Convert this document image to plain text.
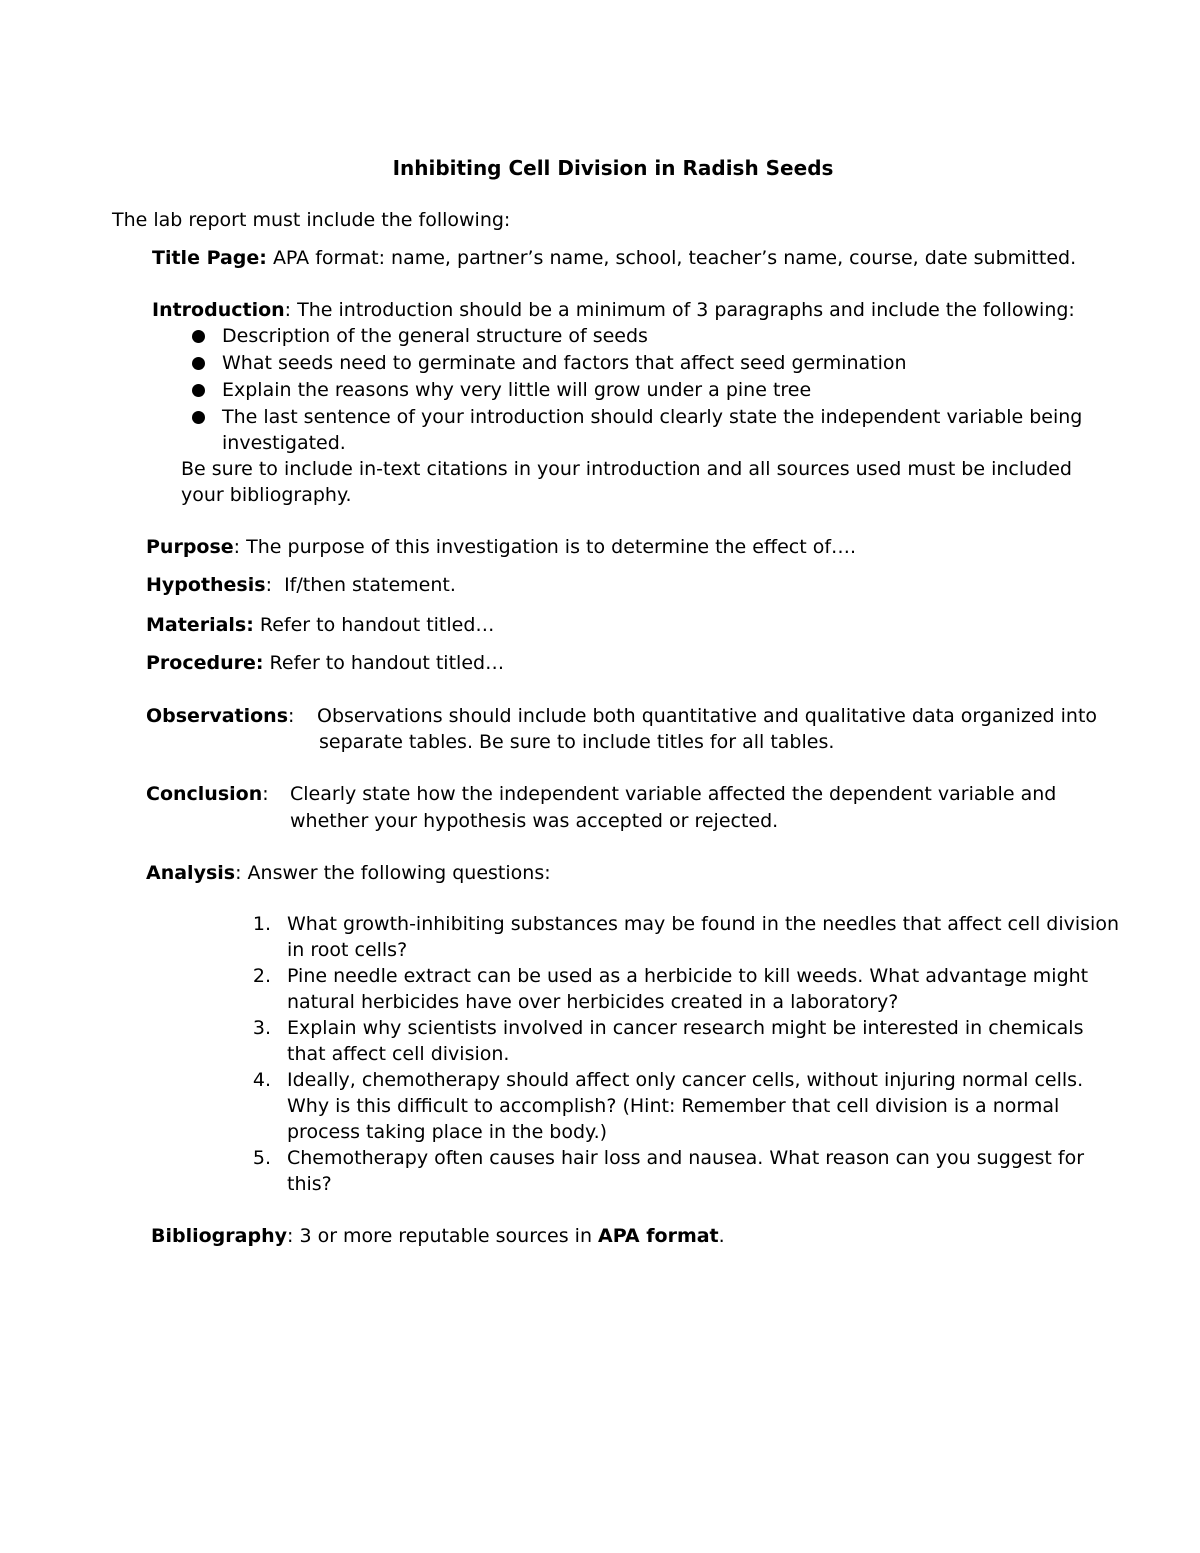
Inhibiting Cell Division in Radish Seeds
The lab report must include the following:
Title Page: APA format: name, partner’s name, school, teacher’s name, course, date submitted.
Introduction: The introduction should be a minimum of 3 paragraphs and include the following:
Description of the general structure of seeds
What seeds need to germinate and factors that affect seed germination
Explain the reasons why very little will grow under a pine tree
The last sentence of your introduction should clearly state the independent variable being
investigated.
Be sure to include in-text citations in your introduction and all sources used must be included
your bibliography.
Purpose: The purpose of this investigation is to determine the effect of….
Hypothesis: If/then statement.
Materials: Refer to handout titled…
Procedure: Refer to handout titled…
Observations: Observations should include both quantitative and qualitative data organized into
separate tables. Be sure to include titles for all tables.
Conclusion: Clearly state how the independent variable affected the dependent variable and
whether your hypothesis was accepted or rejected.
Analysis: Answer the following questions:
1. What growth-inhibiting substances may be found in the needles that affect cell division
in root cells?
2. Pine needle extract can be used as a herbicide to kill weeds. What advantage might
natural herbicides have over herbicides created in a laboratory?
3. Explain why scientists involved in cancer research might be interested in chemicals
that affect cell division.
4. Ideally, chemotherapy should affect only cancer cells, without injuring normal cells.
Why is this difficult to accomplish? (Hint: Remember that cell division is a normal
process taking place in the body.)
5. Chemotherapy often causes hair loss and nausea. What reason can you suggest for
this?
Bibliography: 3 or more reputable sources in APA format.
